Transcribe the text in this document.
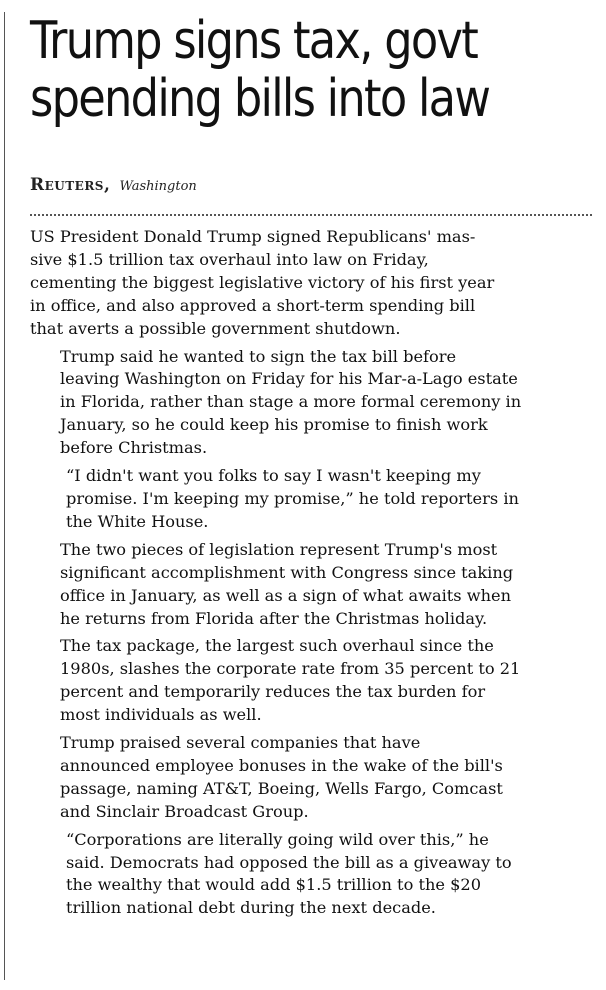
Trump signs tax, govt
spending bills into law
Reuters, Washington

US President Donald Trump signed Republicans' mas-
sive $1.5 trillion tax overhaul into law on Friday,
cementing the biggest legislative victory of his first year
in office, and also approved a short-term spending bill
that averts a possible government shutdown.

Trump said he wanted to sign the tax bill before
leaving Washington on Friday for his Mar-a-Lago estate
in Florida, rather than stage a more formal ceremony in
January, so he could keep his promise to finish work
before Christmas.

“I didn't want you folks to say I wasn't keeping my
promise. I'm keeping my promise,” he told reporters in
the White House.

The two pieces of legislation represent Trump's most
significant accomplishment with Congress since taking
office in January, as well as a sign of what awaits when
he returns from Florida after the Christmas holiday.

The tax package, the largest such overhaul since the
1980s, slashes the corporate rate from 35 percent to 21
percent and temporarily reduces the tax burden for
most individuals as well.

Trump praised several companies that have
announced employee bonuses in the wake of the bill's
passage, naming AT&T, Boeing, Wells Fargo, Comcast
and Sinclair Broadcast Group.

“Corporations are literally going wild over this,” he
said. Democrats had opposed the bill as a giveaway to
the wealthy that would add $1.5 trillion to the $20
trillion national debt during the next decade.
